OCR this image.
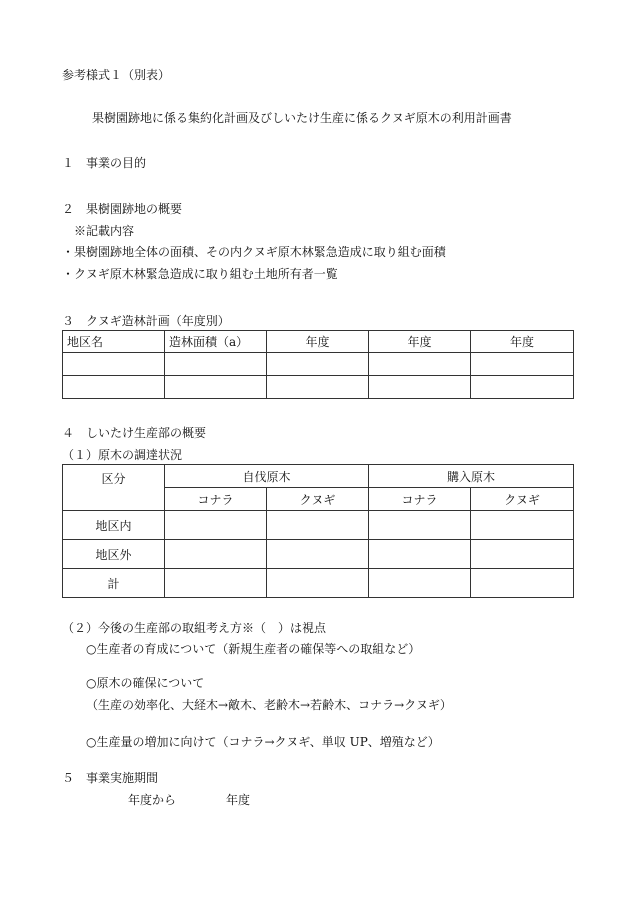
参考様式１（別表）
果樹園跡地に係る集約化計画及びしいたけ生産に係るクヌギ原木の利用計画書
１　事業の目的
２　果樹園跡地の概要
※記載内容
・果樹園跡地全体の面積、その内クヌギ原木林緊急造成に取り組む面積
・クヌギ原木林緊急造成に取り組む土地所有者一覧
３　クヌギ造林計画（年度別）
地区名	造林面積（a）	年度	年度	年度

４　しいたけ生産部の概要
（１）原木の調達状況
区分	自伐原木		購入原木	
	コナラ	クヌギ	コナラ	クヌギ
地区内				
地区外				
計				
（２）今後の生産部の取組考え方※（　）は視点
○生産者の育成について（新規生産者の確保等への取組など）
○原木の確保について
（生産の効率化、大経木→敵木、老齢木→若齢木、コナラ→クヌギ）
○生産量の増加に向けて（コナラ→クヌギ、単収 UP、増殖など）
５　事業実施期間
年度から	年度
